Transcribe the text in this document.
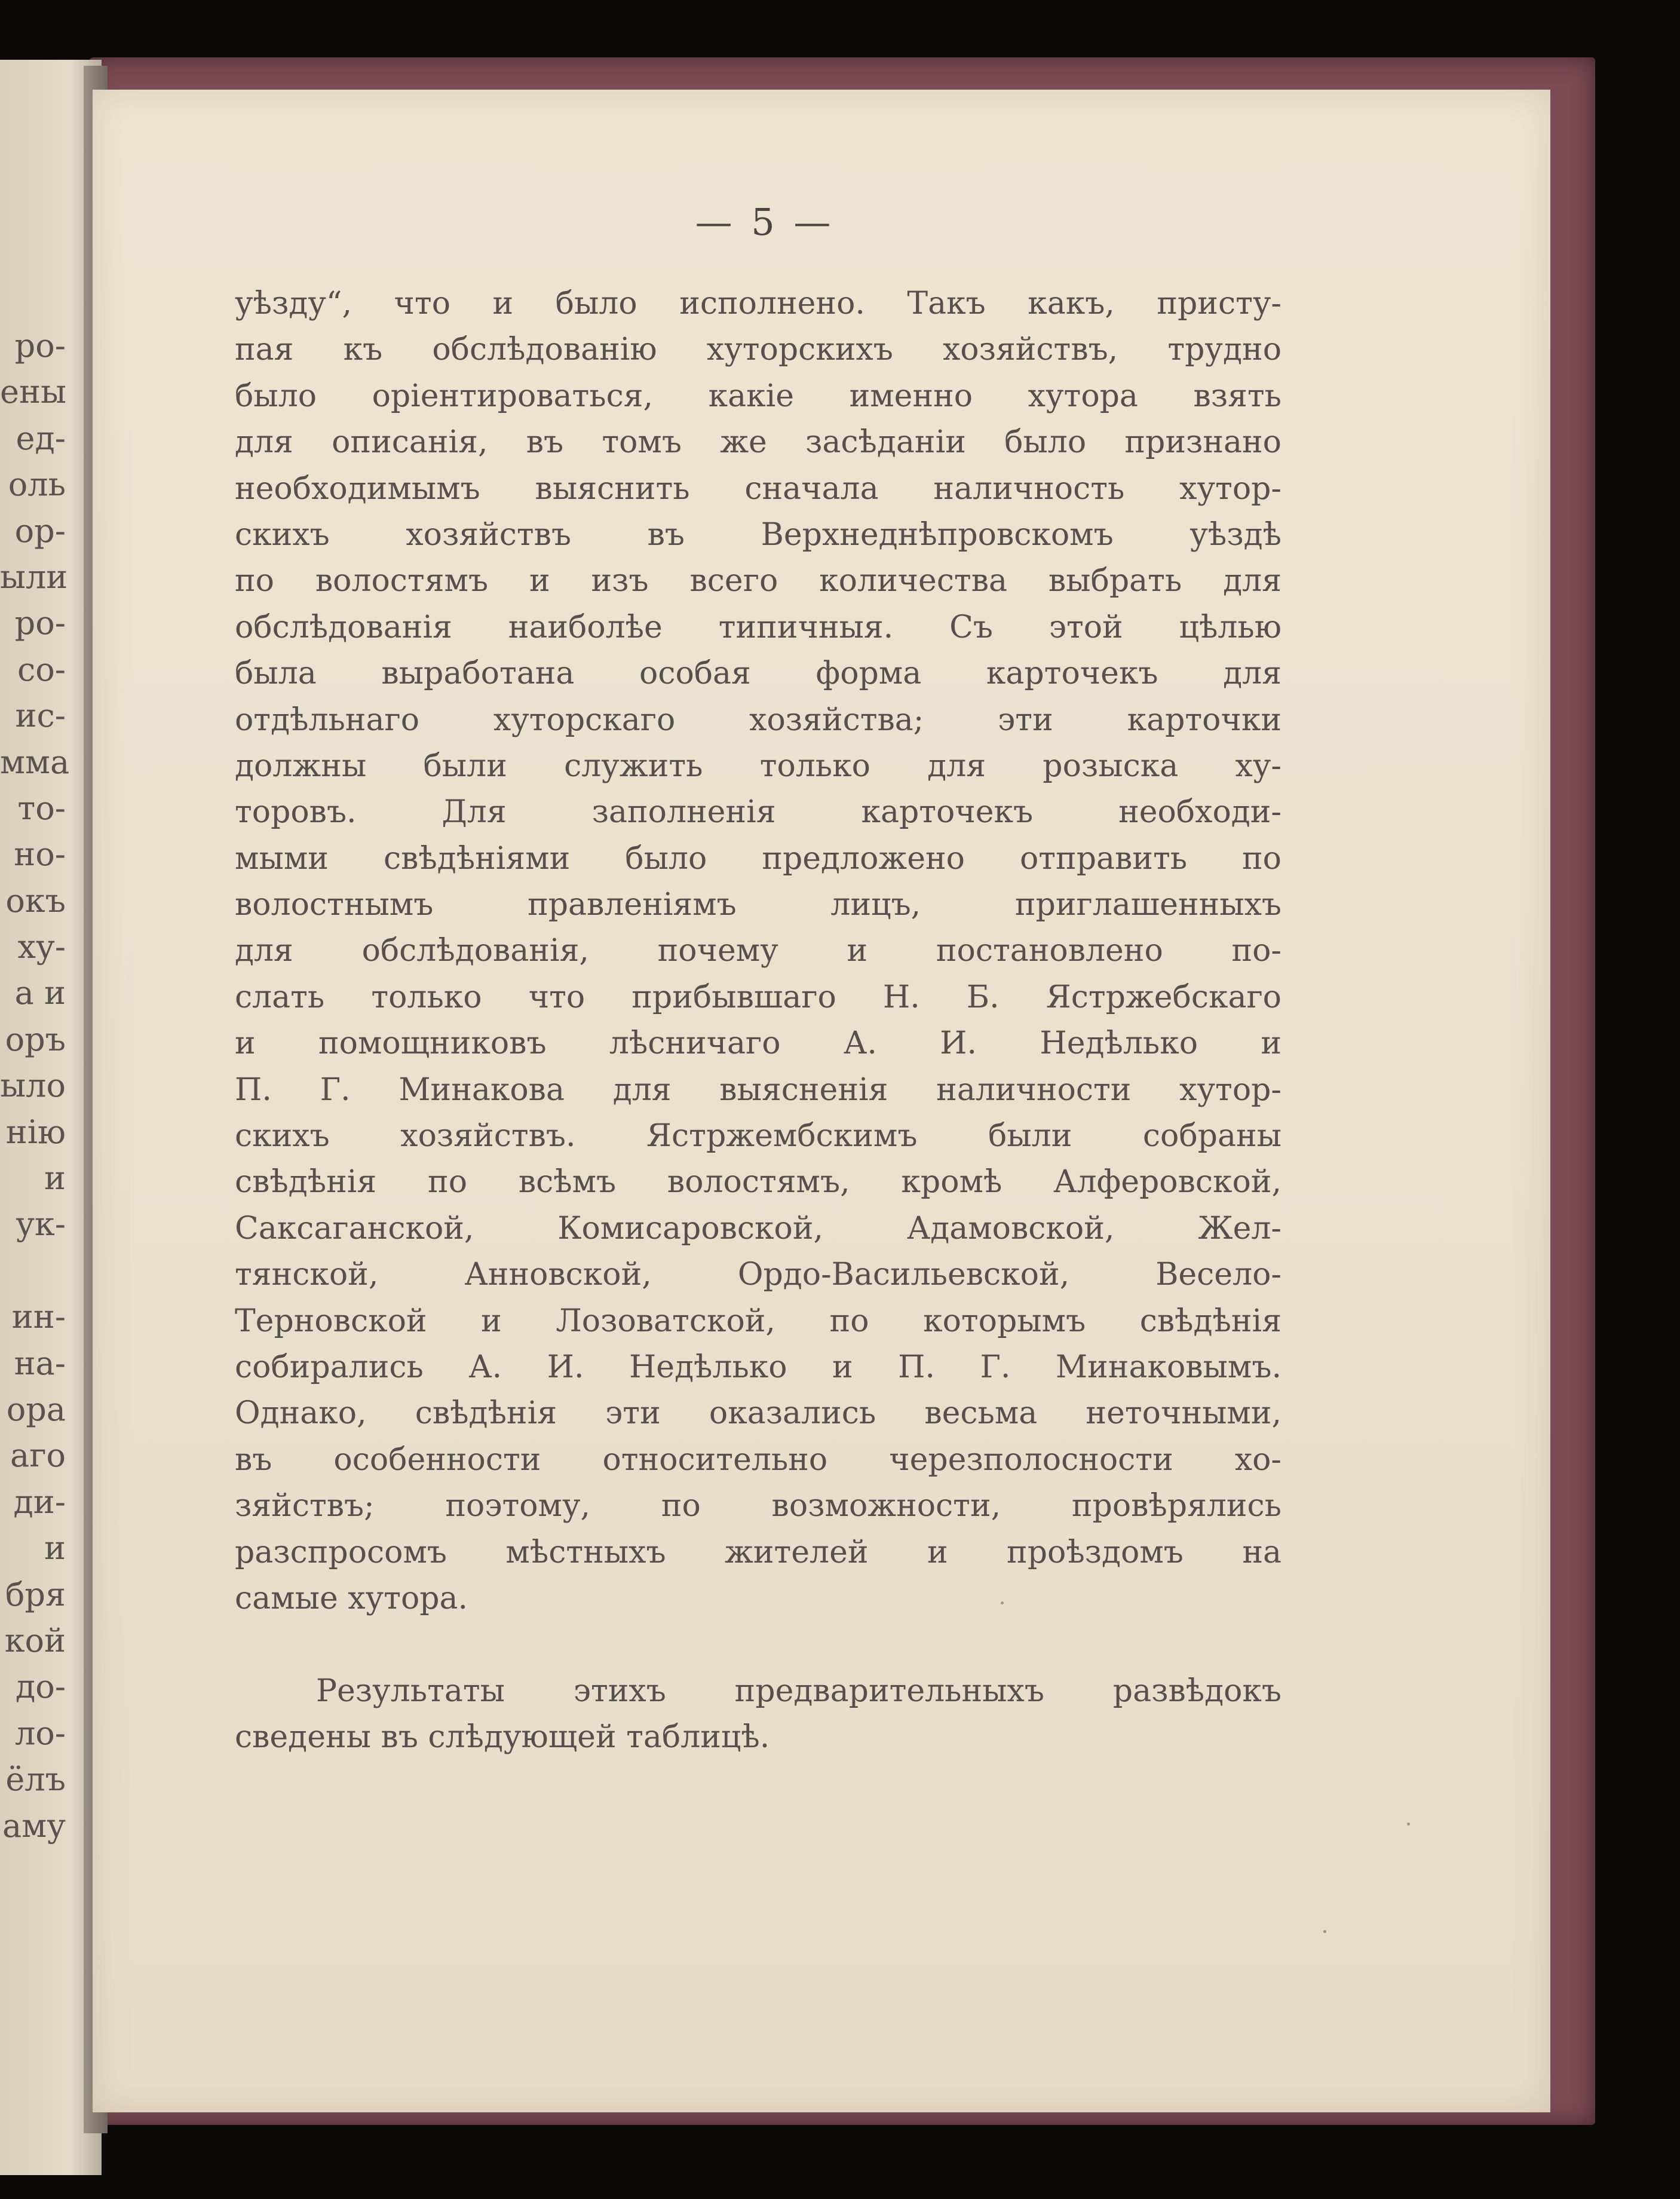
ро-
ены
ед-
оль
ор-
ыли
ро-
со-
ис-
мма
то-
но-
окъ
ху-
а и
оръ
ыло
нію
и
ук-
ин-
на-
ора
аго
ди-
и
бря
кой
до-
ло-
ёлъ
аму
— 5 —
уѣзду“, что и было исполнено. Такъ какъ, присту-
пая къ обслѣдованію хуторскихъ хозяйствъ, трудно
было оріентироваться, какіе именно хутора взять
для описанія, въ томъ же засѣданіи было признано
необходимымъ выяснить сначала наличность хутор-
скихъ хозяйствъ въ Верхнеднѣпровскомъ уѣздѣ
по волостямъ и изъ всего количества выбрать для
обслѣдованія наиболѣе типичныя. Съ этой цѣлью
была выработана особая форма карточекъ для
отдѣльнаго хуторскаго хозяйства; эти карточки
должны были служить только для розыска ху-
торовъ. Для заполненія карточекъ необходи-
мыми свѣдѣніями было предложено отправить по
волостнымъ правленіямъ лицъ, приглашенныхъ
для обслѣдованія, почему и постановлено по-
слать только что прибывшаго Н. Б. Ястржебскаго
и помощниковъ лѣсничаго А. И. Недѣлько и
П. Г. Минакова для выясненія наличности хутор-
скихъ хозяйствъ. Ястржембскимъ были собраны
свѣдѣнія по всѣмъ волостямъ, кромѣ Алферовской,
Саксаганской, Комисаровской, Адамовской, Жел-
тянской, Анновской, Ордо-Васильевской, Весело-
Терновской и Лозоватской, по которымъ свѣдѣнія
собирались А. И. Недѣлько и П. Г. Минаковымъ.
Однако, свѣдѣнія эти оказались весьма неточными,
въ особенности относительно черезполосности хо-
зяйствъ; поэтому, по возможности, провѣрялись
разспросомъ мѣстныхъ жителей и проѣздомъ на
самые хутора.
Результаты этихъ предварительныхъ развѣдокъ
сведены въ слѣдующей таблицѣ.
